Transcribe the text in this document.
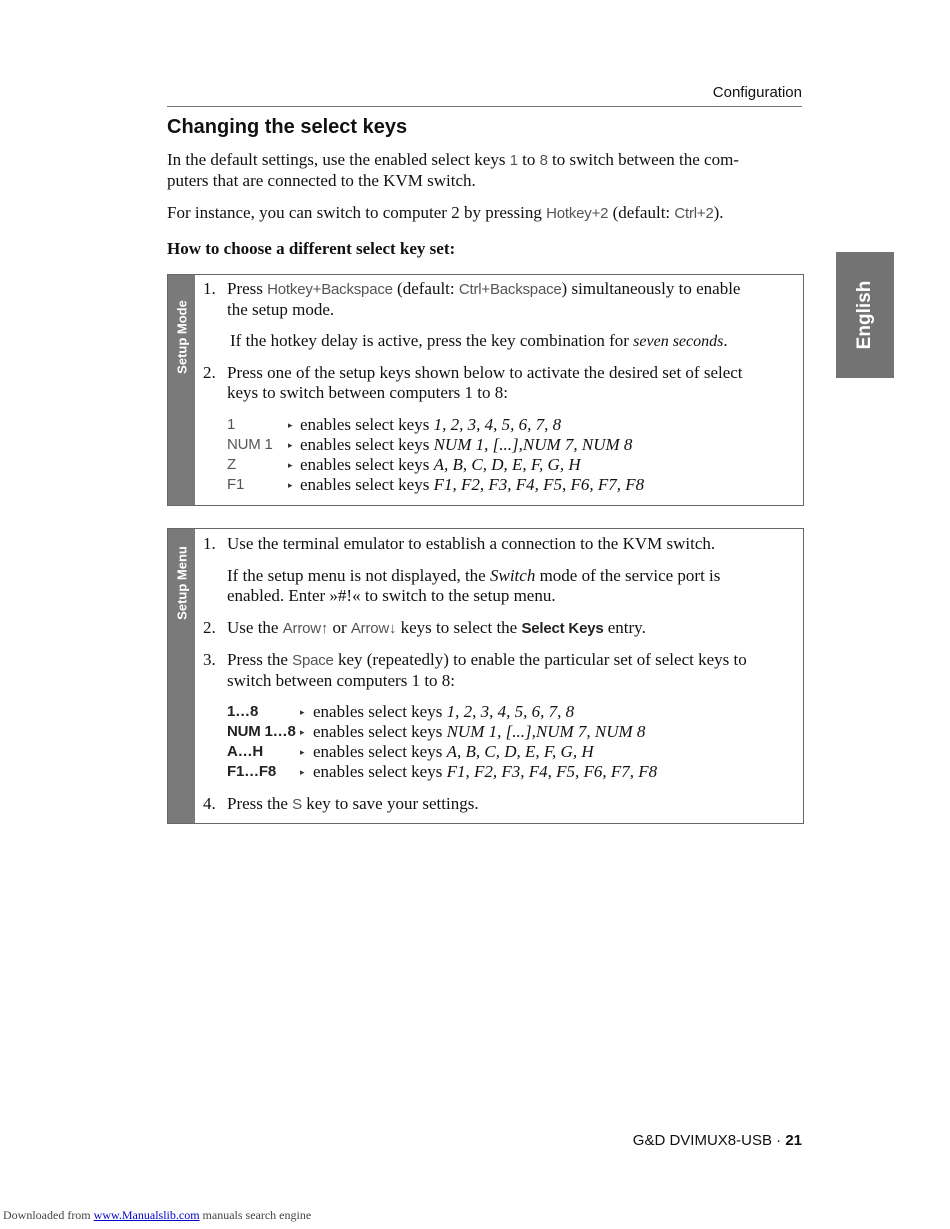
Configuration
Changing the select keys

In the default settings, use the enabled select keys 1 to 8 to switch between the com-
puters that are connected to the KVM switch.

For instance, you can switch to computer 2 by pressing Hotkey+2 (default: Ctrl+2).

How to choose a different select key set:
English
Setup Mode
1. Press Hotkey+Backspace (default: Ctrl+Backspace) simultaneously to enable
the setup mode.
If the hotkey delay is active, press the key combination for seven seconds.
2. Press one of the setup keys shown below to activate the desired set of select
keys to switch between computers 1 to 8:
1	▸ enables select keys 1, 2, 3, 4, 5, 6, 7, 8
NUM 1 ▸ enables select keys NUM 1, [...],NUM 7, NUM 8
Z	▸ enables select keys A, B, C, D, E, F, G, H
F1	▸ enables select keys F1, F2, F3, F4, F5, F6, F7, F8
Setup Menu
1. Use the terminal emulator to establish a connection to the KVM switch.
If the setup menu is not displayed, the Switch mode of the service port is
enabled. Enter »#!« to switch to the setup menu.
2. Use the Arrow↑ or Arrow↓ keys to select the Select Keys entry.
3. Press the Space key (repeatedly) to enable the particular set of select keys to
switch between computers 1 to 8:
1…8	▸ enables select keys 1, 2, 3, 4, 5, 6, 7, 8
NUM 1…8 ▸ enables select keys NUM 1, [...],NUM 7, NUM 8
A…H	▸ enables select keys A, B, C, D, E, F, G, H
F1…F8	▸ enables select keys F1, F2, F3, F4, F5, F6, F7, F8
4. Press the S key to save your settings.
G&D DVIMUX8-USB · 21
Downloaded from www.Manualslib.com manuals search engine
